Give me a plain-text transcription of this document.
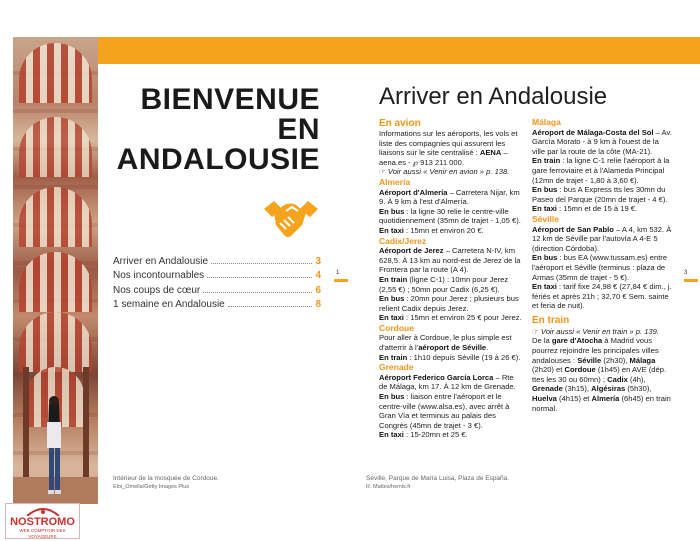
BIENVENUE
EN
ANDALOUSIE
Arriver en Andalousie	3
Nos incontournables	4
Nos coups de cœur	6
1 semaine en Andalousie	8
1	3
Intérieur de la mosquée de Cordoue.
Eloi_Omella/Getty Images Plus
Arriver en Andalousie
En avion
Informations sur les aéroports, les vols et liste des compagnies qui assurent les liaisons sur le site centralisé : AENA – aena.es - ℘ 913 211 000.
☞ Voir aussi « Venir en avion » p. 138.
Almería
Aéroport d'Almería – Carretera Nijar, km 9. À 9 km à l'est d'Almería.
En bus : la ligne 30 relie le centre-ville quotidiennement (35mn de trajet - 1,05 €).
En taxi : 15mn et environ 20 €.
Cadix/Jerez
Aéroport de Jerez – Carretera N-IV, km 628,5. À 13 km au nord-est de Jerez de la Frontera par la route (A 4).
En train (ligne C-1) : 10mn pour Jerez (2,55 €) ; 50mn pour Cadix (6,25 €).
En bus : 20mn pour Jerez ; plusieurs bus relient Cadix depuis Jerez.
En taxi : 15mn et environ 25 € pour Jerez.
Cordoue
Pour aller à Cordoue, le plus simple est d'atterrir à l'aéroport de Séville.
En train : 1h10 depuis Séville (19 à 26 €).
Grenade
Aéroport Federico García Lorca – Rte de Málaga, km 17. À 12 km de Grenade.
En bus : liaison entre l'aéroport et le centre-ville (www.alsa.es), avec arrêt à Gran Vía et terminus au palais des Congrès (45mn de trajet - 3 €).
En taxi : 15-20mn et 25 €.
Málaga
Aéroport de Málaga-Costa del Sol – Av. García Morato - à 9 km à l'ouest de la ville par la route de la côte (MA-21).
En train : la ligne C-1 relie l'aéroport à la gare ferroviaire et à l'Alameda Principal (12mn de trajet - 1,80 à 3,60 €).
En bus : bus A Express tts les 30mn du Paseo del Parque (20mn de trajet - 4 €).
En taxi : 15mn et de 15 à 19 €.
Séville
Aéroport de San Pablo – A 4, km 532. À 12 km de Séville par l'autovía A 4-E 5 (direction Córdoba).
En bus : bus EA (www.tussam.es) entre l'aéroport et Séville (terminus : plaza de Armas (35mn de trajet - 5 €).
En taxi : tarif fixe 24,98 € (27,84 € dim., j. fériés et après 21h ; 32,70 € Sem. sainte et feria de nuit).
En train
☞ Voir aussi « Venir en train » p. 139.
De la gare d'Atocha à Madrid vous pourrez rejoindre les principales villes andalouses : Séville (2h30), Málaga (2h20) et Cordoue (1h45) en AVE (dép. ttes les 30 ou 60mn) ; Cadix (4h), Grenade (3h15), Algésiras (5h30), Huelva (4h15) et Almería (6h45) en train normal.
Séville, Parque de María Luisa, Plaza de España.
R. Mattes/hemis.fr
NOSTROMO
WEB COMPTOIR DES VOYAGEURS
